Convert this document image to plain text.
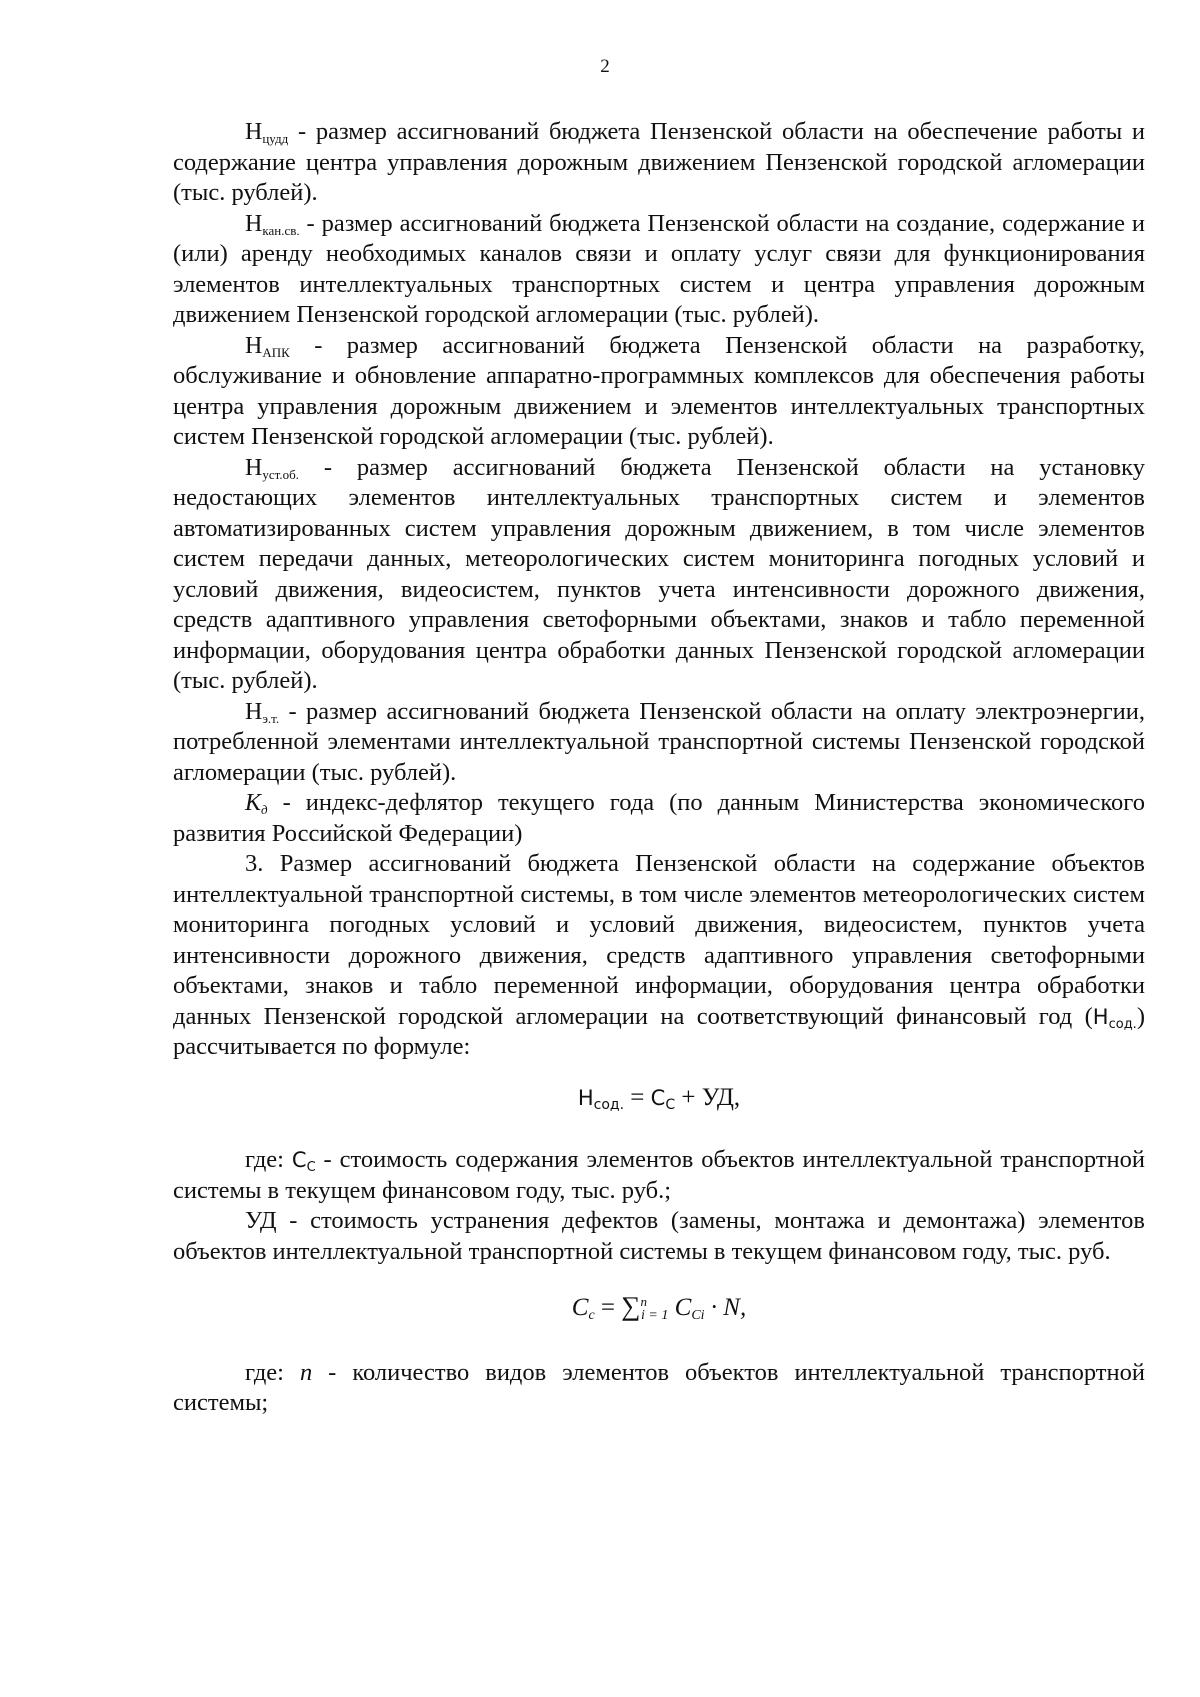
2

$Н_{цудд}$ - размер ассигнований бюджета Пензенской области на обеспечение работы и содержание центра управления дорожным движением Пензенской городской агломерации (тыс. рублей).

$Н_{кан.св.}$ - размер ассигнований бюджета Пензенской области на создание, содержание и (или) аренду необходимых каналов связи и оплату услуг связи для функционирования элементов интеллектуальных транспортных систем и центра управления дорожным движением Пензенской городской агломерации (тыс. рублей).

$Н_{АПК}$ - размер ассигнований бюджета Пензенской области на разработку, обслуживание и обновление аппаратно-программных комплексов для обеспечения работы центра управления дорожным движением и элементов интеллектуальных транспортных систем Пензенской городской агломерации (тыс. рублей).

$Н_{уст.об.}$ - размер ассигнований бюджета Пензенской области на установку недостающих элементов интеллектуальных транспортных систем и элементов автоматизированных систем управления дорожным движением, в том числе элементов систем передачи данных, метеорологических систем мониторинга погодных условий и условий движения, видеосистем, пунктов учета интенсивности дорожного движения, средств адаптивного управления светофорными объектами, знаков и табло переменной информации, оборудования центра обработки данных Пензенской городской агломерации (тыс. рублей).

$Н_{э.т.}$ - размер ассигнований бюджета Пензенской области на оплату электроэнергии, потребленной элементами интеллектуальной транспортной системы Пензенской городской агломерации (тыс. рублей).

$K_д$ - индекс-дефлятор текущего года (по данным Министерства экономического развития Российской Федерации)

3. Размер ассигнований бюджета Пензенской области на содержание объектов интеллектуальной транспортной системы, в том числе элементов метеорологических систем мониторинга погодных условий и условий движения, видеосистем, пунктов учета интенсивности дорожного движения, средств адаптивного управления светофорными объектами, знаков и табло переменной информации, оборудования центра обработки данных Пензенской городской агломерации на соответствующий финансовый год $(Н_{сод.})$ рассчитывается по формуле:

$Н_{сод.} = С_С$ + УД,

где: $С_С$ - стоимость содержания элементов объектов интеллектуальной транспортной системы в текущем финансовом году, тыс. руб.;

УД - стоимость устранения дефектов (замены, монтажа и демонтажа) элементов объектов интеллектуальной транспортной системы в текущем финансовом году, тыс. руб.

$C_c = \sum^n_{i = 1}$ $C_{Ci} \cdot N$,

где: n - количество видов элементов объектов интеллектуальной транспортной системы;
